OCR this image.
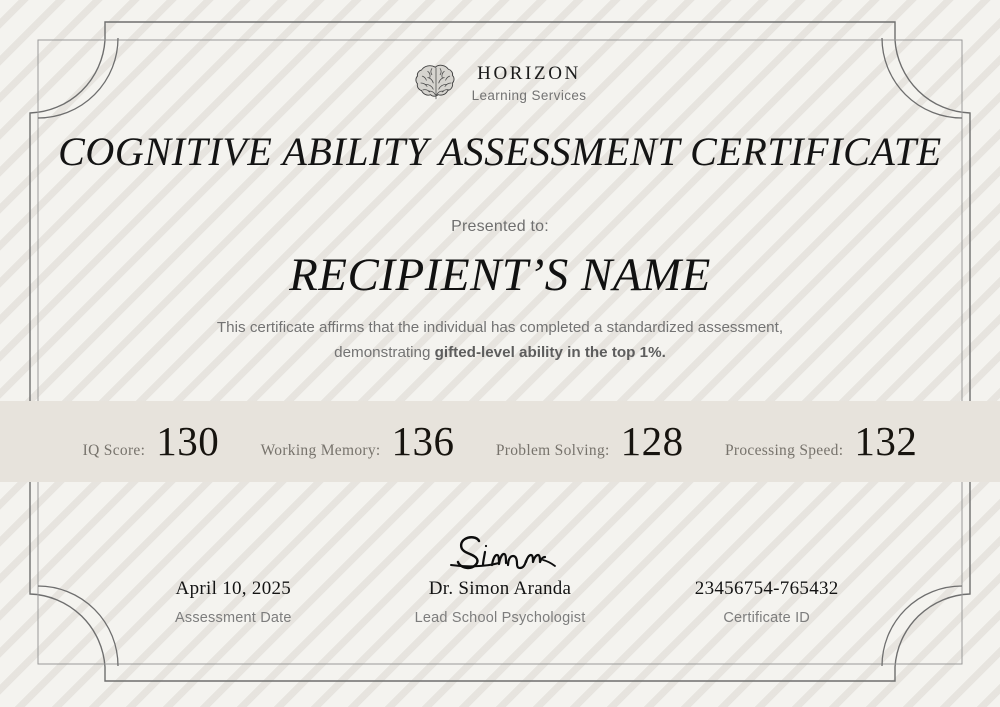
HORIZON
Learning Services
COGNITIVE ABILITY ASSESSMENT CERTIFICATE
Presented to:
RECIPIENT’S NAME
This certificate affirms that the individual has completed a standardized assessment,
demonstrating gifted-level ability in the top 1%.
IQ Score: 130	Working Memory: 136	Problem Solving: 128	Processing Speed: 132
April 10, 2025
Assessment Date
Dr. Simon Aranda
Lead School Psychologist
23456754-765432
Certificate ID
